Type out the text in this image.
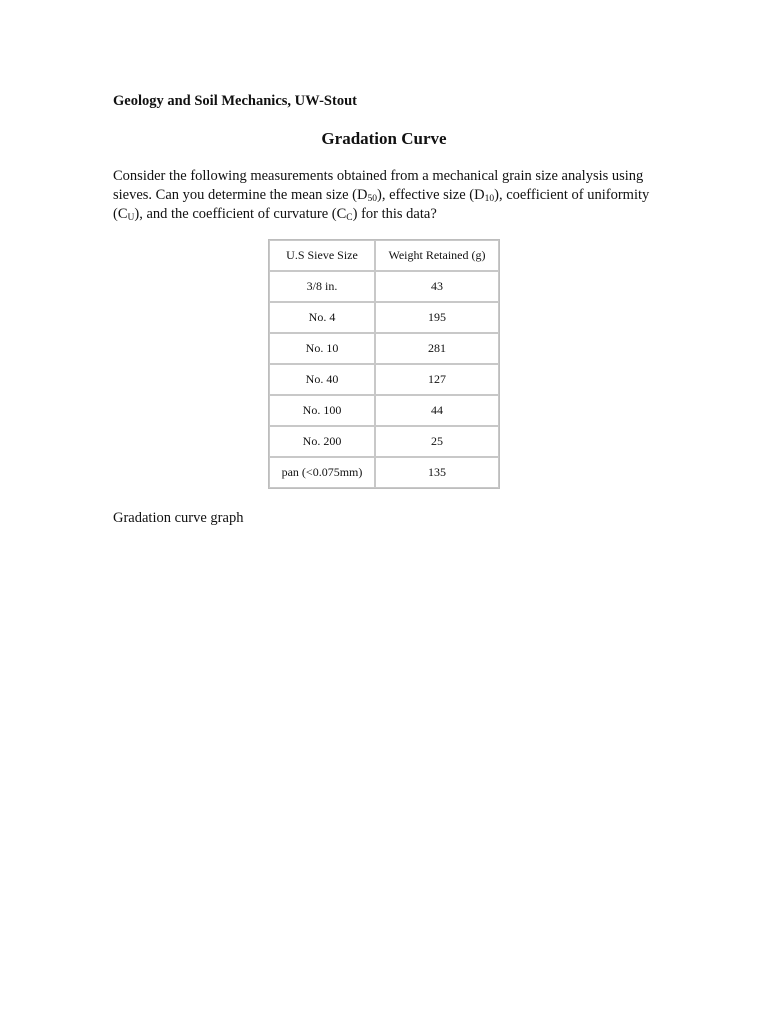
Geology and Soil Mechanics, UW-Stout
Gradation Curve
Consider the following measurements obtained from a mechanical grain size analysis using sieves. Can you determine the mean size $(D_{50})$, effective size $(D_{10})$, coefficient of uniformity $(C_U)$, and the coefficient of curvature $(C_C)$ for this data?
U.S Sieve Size	Weight Retained (g)
3/8 in.	43
No. 4	195
No. 10	281
No. 40	127
No. 100	44
No. 200	25
pan (<0.075mm)	135
Gradation curve graph
